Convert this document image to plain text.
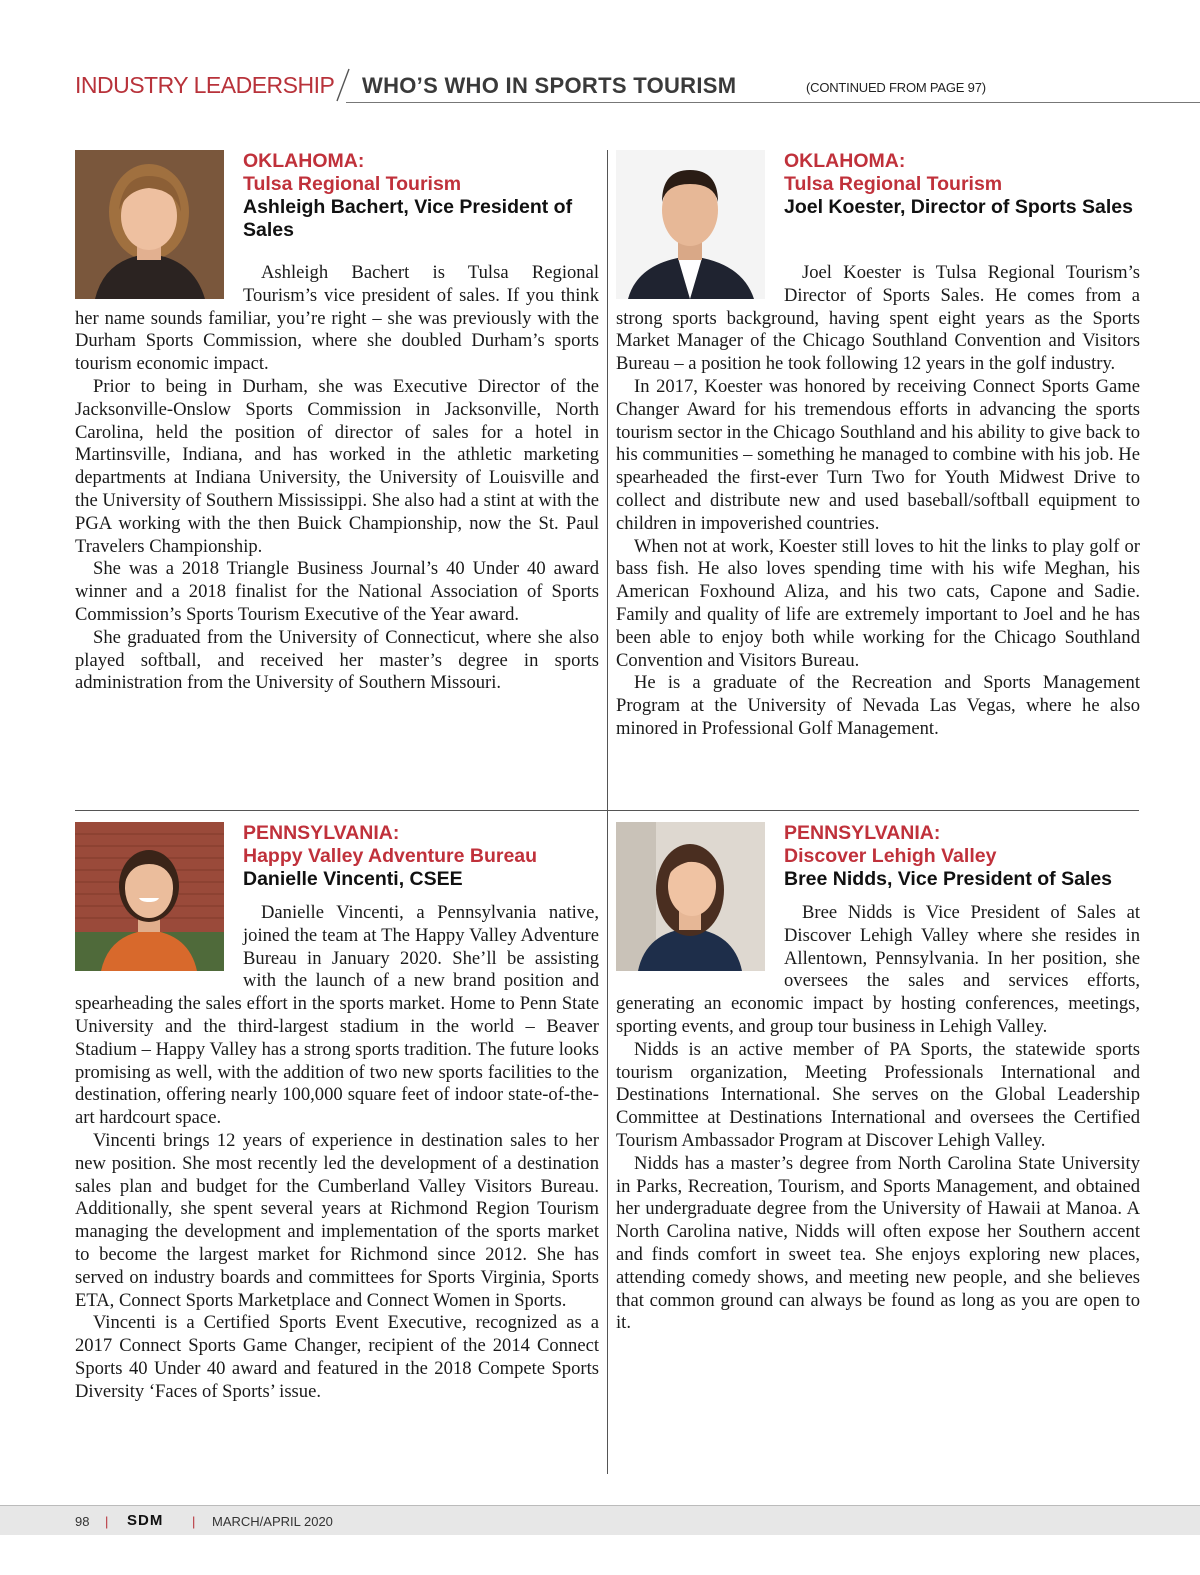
INDUSTRY LEADERSHIP WHO’S WHO IN SPORTS TOURISM	(CONTINUED FROM PAGE 97)
OKLAHOMA:
Tulsa Regional Tourism
Ashleigh Bachert, Vice President of Sales

Ashleigh Bachert is Tulsa Regional Tourism’s vice president of sales. If you think her name sounds familiar, you’re right – she was previously with the Durham Sports Commission, where she doubled Durham’s sports tourism economic impact.

Prior to being in Durham, she was Executive Director of the Jacksonville-Onslow Sports Commission in Jacksonville, North Carolina, held the position of director of sales for a hotel in Martinsville, Indiana, and has worked in the athletic marketing departments at Indiana University, the University of Louisville and the University of Southern Mississippi. She also had a stint at with the PGA working with the then Buick Championship, now the St. Paul Travelers Championship.

She was a 2018 Triangle Business Journal’s 40 Under 40 award winner and a 2018 finalist for the National Association of Sports Commission’s Sports Tourism Executive of the Year award.

She graduated from the University of Connecticut, where she also played softball, and received her master’s degree in sports administration from the University of Southern Missouri.

OKLAHOMA:
Tulsa Regional Tourism
Joel Koester, Director of Sports Sales

Joel Koester is Tulsa Regional Tourism’s Director of Sports Sales. He comes from a strong sports background, having spent eight years as the Sports Market Manager of the Chicago Southland Convention and Visitors Bureau – a position he took following 12 years in the golf industry.

In 2017, Koester was honored by receiving Connect Sports Game Changer Award for his tremendous efforts in advancing the sports tourism sector in the Chicago Southland and his ability to give back to his communities – something he managed to combine with his job. He spearheaded the first-ever Turn Two for Youth Midwest Drive to collect and distribute new and used baseball/softball equipment to children in impoverished countries.

When not at work, Koester still loves to hit the links to play golf or bass fish. He also loves spending time with his wife Meghan, his American Foxhound Aliza, and his two cats, Capone and Sadie. Family and quality of life are extremely important to Joel and he has been able to enjoy both while working for the Chicago Southland Convention and Visitors Bureau.

He is a graduate of the Recreation and Sports Management Program at the University of Nevada Las Vegas, where he also minored in Professional Golf Management.

PENNSYLVANIA:
Happy Valley Adventure Bureau
Danielle Vincenti, CSEE

Danielle Vincenti, a Pennsylvania native, joined the team at The Happy Valley Adventure Bureau in January 2020. She’ll be assisting with the launch of a new brand position and spearheading the sales effort in the sports market. Home to Penn State University and the third-largest stadium in the world – Beaver Stadium – Happy Valley has a strong sports tradition. The future looks promising as well, with the addition of two new sports facilities to the destination, offering nearly 100,000 square feet of indoor state-of-the-art hardcourt space.

Vincenti brings 12 years of experience in destination sales to her new position. She most recently led the development of a destination sales plan and budget for the Cumberland Valley Visitors Bureau. Additionally, she spent several years at Richmond Region Tourism managing the development and implementation of the sports market to become the largest market for Richmond since 2012. She has served on industry boards and committees for Sports Virginia, Sports ETA, Connect Sports Marketplace and Connect Women in Sports.

Vincenti is a Certified Sports Event Executive, recognized as a 2017 Connect Sports Game Changer, recipient of the 2014 Connect Sports 40 Under 40 award and featured in the 2018 Compete Sports Diversity ‘Faces of Sports’ issue.

PENNSYLVANIA:
Discover Lehigh Valley
Bree Nidds, Vice President of Sales

Bree Nidds is Vice President of Sales at Discover Lehigh Valley where she resides in Allentown, Pennsylvania. In her position, she oversees the sales and services efforts, generating an economic impact by hosting conferences, meetings, sporting events, and group tour business in Lehigh Valley.

Nidds is an active member of PA Sports, the statewide sports tourism organization, Meeting Professionals International and Destinations International. She serves on the Global Leadership Committee at Destinations International and oversees the Certified Tourism Ambassador Program at Discover Lehigh Valley.

Nidds has a master’s degree from North Carolina State University in Parks, Recreation, Tourism, and Sports Management, and obtained her undergraduate degree from the University of Hawaii at Manoa. A North Carolina native, Nidds will often expose her Southern accent and finds comfort in sweet tea. She enjoys exploring new places, attending comedy shows, and meeting new people, and she believes that common ground can always be found as long as you are open to it.

98 | SDM | MARCH/APRIL 2020
